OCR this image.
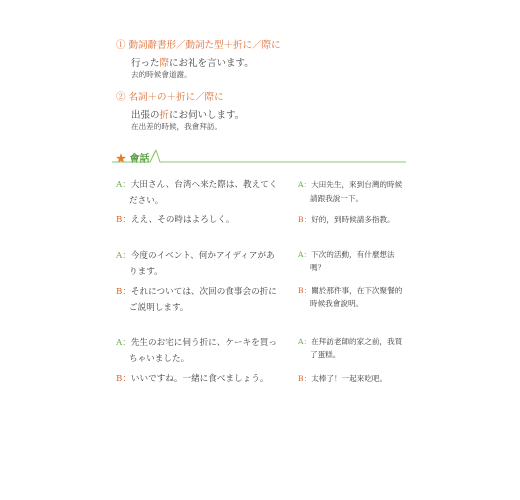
① 動詞辭書形／動詞た型＋折に／際に
行った際にお礼を言います。
去的時候會道謝。
② 名詞＋の＋折に／際に
出張の折にお伺いします。
在出差的時候，我會拜訪。
★ 會話
A：大田さん、台湾へ来た際は、教えてく
ださい。
A：大田先生，來到台灣的時候
請跟我說一下。
B：ええ、その時はよろしく。	B：好的，到時候請多指教。
A：今度のイベント、何かアイディアがあ
ります。
A：下次的活動，有什麼想法
嗎？
B：それについては、次回の食事会の折に
ご説明します。
B：關於那件事，在下次聚餐的
時候我會說明。
A：先生のお宅に伺う折に、ケーキを買っ
ちゃいました。
A：在拜訪老師的家之前，我買
了蛋糕。
B：いいですね。一緒に食べましょう。	B：太棒了！一起來吃吧。
